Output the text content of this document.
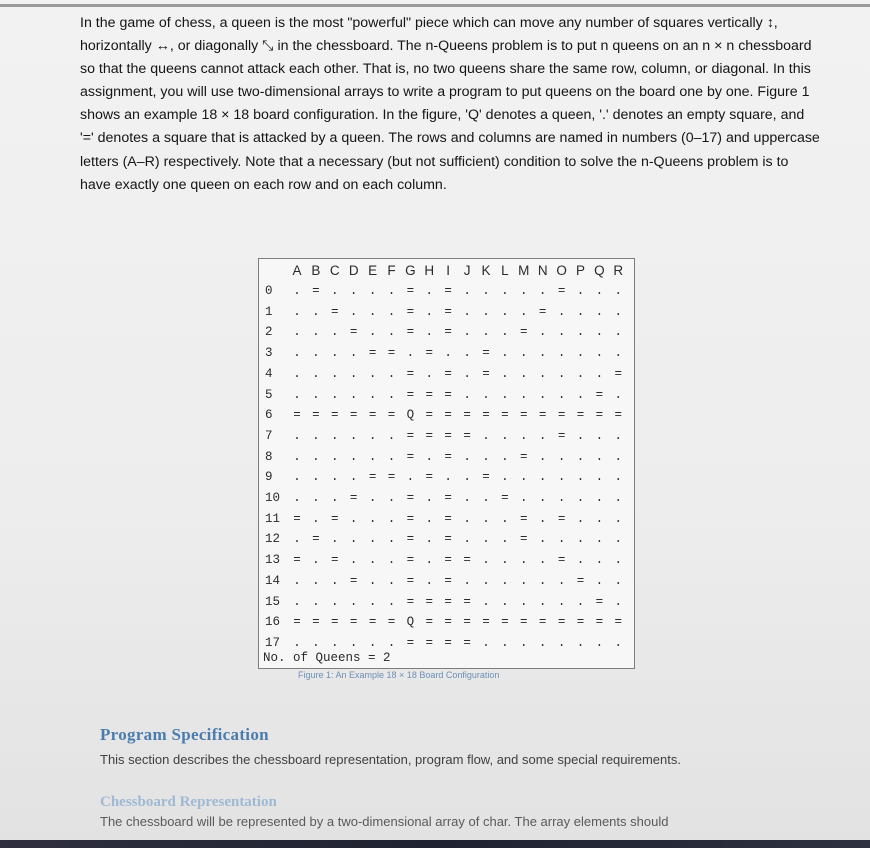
In the game of chess, a queen is the most "powerful" piece which can move any number of squares vertically ↕, horizontally ↔, or diagonally ⤡ in the chessboard. The n-Queens problem is to put n queens on an n × n chessboard so that the queens cannot attack each other. That is, no two queens share the same row, column, or diagonal. In this assignment, you will use two-dimensional arrays to write a program to put queens on the board one by one. Figure 1 shows an example 18 × 18 board configuration. In the figure, 'Q' denotes a queen, '.' denotes an empty square, and '=' denotes a square that is attacked by a queen. The rows and columns are named in numbers (0–17) and uppercase letters (A–R) respectively. Note that a necessary (but not sufficient) condition to solve the n-Queens problem is to have exactly one queen on each row and on each column.

A B C D E F G H I	J K L M N O P Q R
0	. = . . . . = . = . . . . . = . . .
1	. . = . . . = . = . . . . = . . . .
2	. . . = . . = . = . . . = . . . . .
3	. . . . = = . = . . = . . . . . . .
4	. . . . . . = . = . = . . . . . . =
5	. . . . . . = = = . . . . . . . = .
6	= = = = = = Q = = = = = = = = = = =
7	. . . . . . = = = = . . . . = . . .
8	. . . . . . = . = . . . = . . . . .
9	. . . . = = . = . . = . . . . . . .
10	. . . = . . = . = . . = . . . . . .
11	= . = . . . = . = . . . = . = . . .
12	. = . . . . = . = . . . = . . . . .
13	= . = . . . = . = = . . . . = . . .
14	. . . = . . = . = . . . . . . = . .
15	. . . . . . = = = = . . . . . . = .
16	= = = = = = Q = = = = = = = = = = =
17	. . . . . . = = = = . . . . . . . .
No. of Queens = 2
Figure 1: An Example 18 × 18 Board Configuration
Program Specification
This section describes the chessboard representation, program flow, and some special requirements.
Chessboard Representation
The chessboard will be represented by a two-dimensional array of char. The array elements should
